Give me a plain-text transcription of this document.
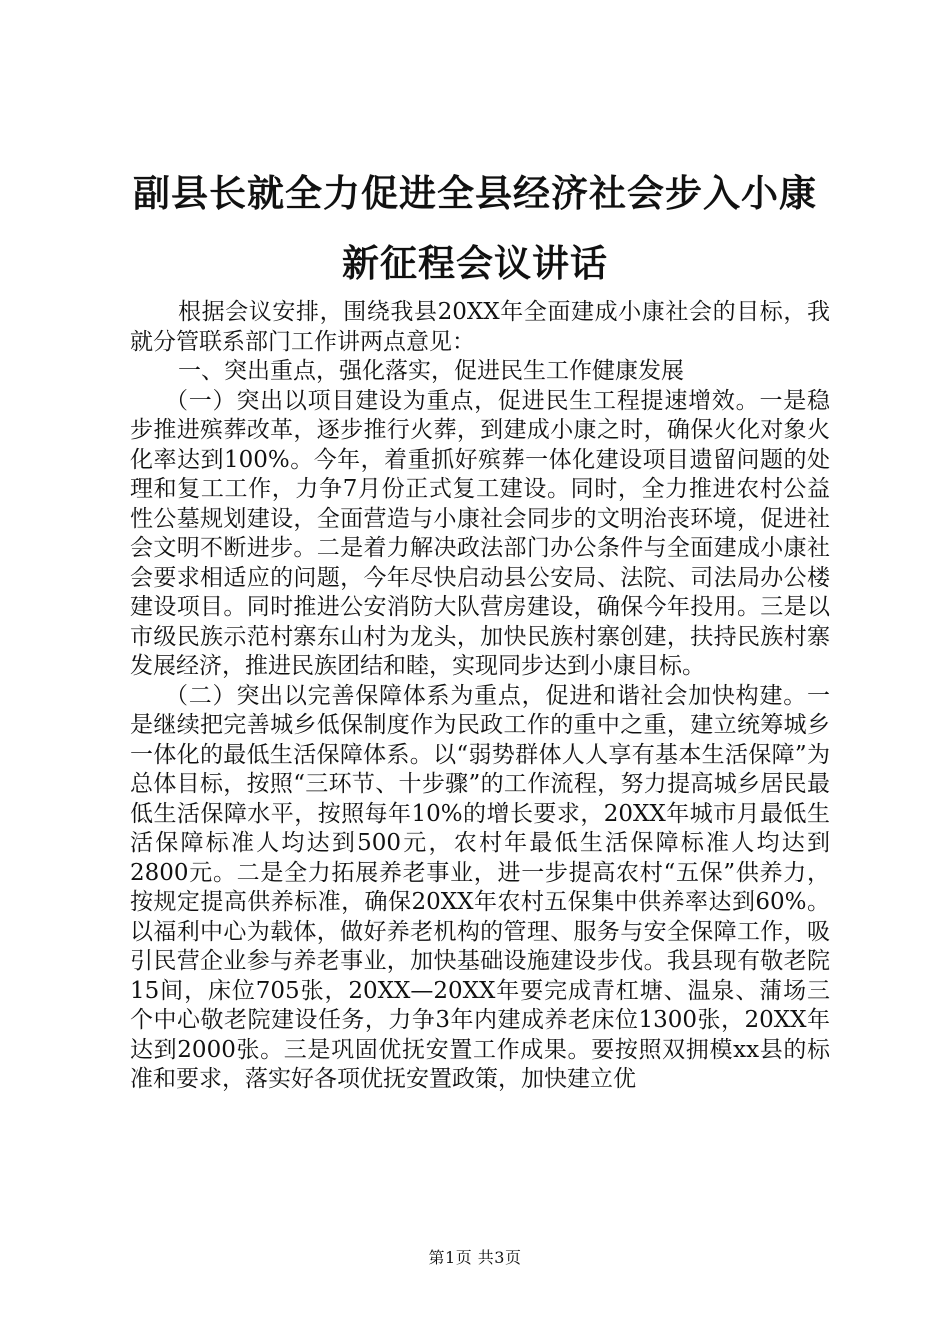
副县长就全力促进全县经济社会步入小康新征程会议讲话

根据会议安排，围绕我县20XX年全面建成小康社会的目标，我就分管联系部门工作讲两点意见：

一、突出重点，强化落实，促进民生工作健康发展

（一）突出以项目建设为重点，促进民生工程提速增效。一是稳步推进殡葬改革，逐步推行火葬，到建成小康之时，确保火化对象火化率达到100%。今年，着重抓好殡葬一体化建设项目遗留问题的处理和复工工作，力争7月份正式复工建设。同时，全力推进农村公益性公墓规划建设，全面营造与小康社会同步的文明治丧环境，促进社会文明不断进步。二是着力解决政法部门办公条件与全面建成小康社会要求相适应的问题，今年尽快启动县公安局、法院、司法局办公楼建设项目。同时推进公安消防大队营房建设，确保今年投用。三是以市级民族示范村寨东山村为龙头，加快民族村寨创建，扶持民族村寨发展经济，推进民族团结和睦，实现同步达到小康目标。

（二）突出以完善保障体系为重点，促进和谐社会加快构建。一是继续把完善城乡低保制度作为民政工作的重中之重，建立统筹城乡一体化的最低生活保障体系。以“弱势群体人人享有基本生活保障”为总体目标，按照“三环节、十步骤”的工作流程，努力提高城乡居民最低生活保障水平，按照每年10%的增长要求，20XX年城市月最低生活保障标准人均达到500元，农村年最低生活保障标准人均达到2800元。二是全力拓展养老事业，进一步提高农村“五保”供养力，按规定提高供养标准，确保20XX年农村五保集中供养率达到60%。以福利中心为载体，做好养老机构的管理、服务与安全保障工作，吸引民营企业参与养老事业，加快基础设施建设步伐。我县现有敬老院15间，床位705张，20XX—20XX年要完成青杠塘、温泉、蒲场三个中心敬老院建设任务，力争3年内建成养老床位1300张，20XX年达到2000张。三是巩固优抚安置工作成果。要按照双拥模xx县的标准和要求，落实好各项优抚安置政策，加快建立优

第1页 共3页
